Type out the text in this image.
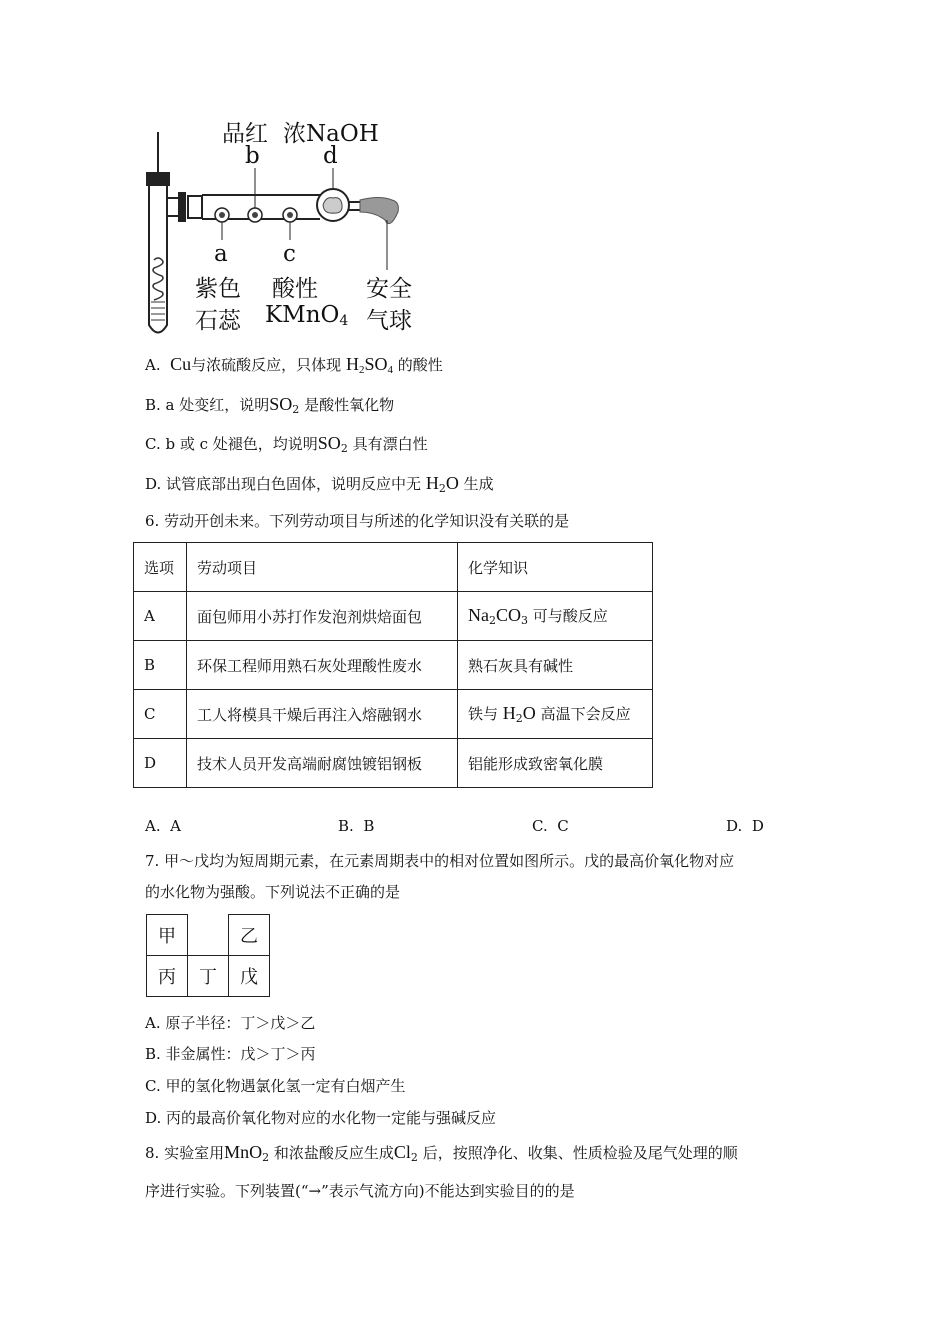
品红 浓NaOH
b	d
a c
紫色
石蕊
酸性
KMnO$_4$
安全
气球
A. Cu与浓硫酸反应，只体现 $H_2SO_4$ 的酸性
B. a 处变红，说明$SO_2$ 是酸性氧化物
C. b 或 c 处褪色，均说明$SO_2$ 具有漂白性
D. 试管底部出现白色固体，说明反应中无 $H_2O$ 生成
6. 劳动开创未来。下列劳动项目与所述的化学知识没有关联的是
选项	劳动项目	化学知识
A	面包师用小苏打作发泡剂烘焙面包	$Na_2CO_3$ 可与酸反应
B	环保工程师用熟石灰处理酸性废水	熟石灰具有碱性
C	工人将模具干燥后再注入熔融钢水	铁与 $H_2O$ 高温下会反应
D	技术人员开发高端耐腐蚀镀铝钢板	铝能形成致密氧化膜
A. A	B. B	C. C	D. D
7. 甲～戊均为短周期元素，在元素周期表中的相对位置如图所示。戊的最高价氧化物对应
的水化物为强酸。下列说法不正确的是
甲		乙
丙	丁	戊
A. 原子半径：丁＞戊＞乙
B. 非金属性：戊＞丁＞丙
C. 甲的氢化物遇氯化氢一定有白烟产生
D. 丙的最高价氧化物对应的水化物一定能与强碱反应
8. 实验室用MnO$_2$ 和浓盐酸反应生成$Cl_2$ 后，按照净化、收集、性质检验及尾气处理的顺
序进行实验。下列装置(“→”表示气流方向)不能达到实验目的的是
